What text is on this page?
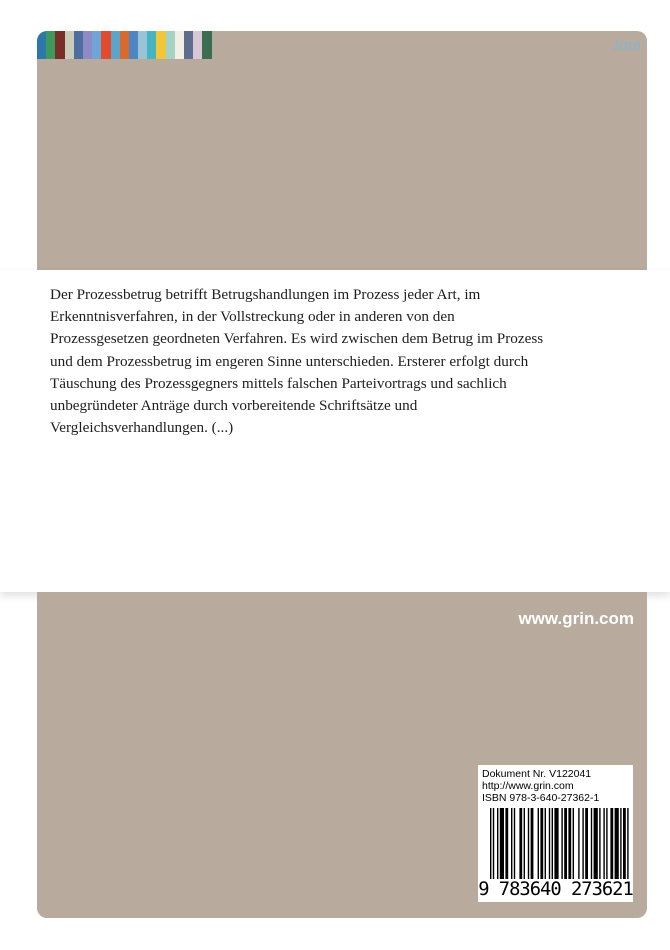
Jura

Der Prozessbetrug betrifft Betrugshandlungen im Prozess jeder Art, im Erkenntnisverfahren, in der Vollstreckung oder in anderen von den Prozessgesetzen geordneten Verfahren. Es wird zwischen dem Betrug im Prozess und dem Prozessbetrug im engeren Sinne unterschieden. Ersterer erfolgt durch Täuschung des Prozessgegners mittels falschen Parteivortrags und sachlich unbegründeter Anträge durch vorbereitende Schriftsätze und Vergleichsverhandlungen. (...)

www.grin.com
Dokument Nr. V122041
http://www.grin.com
ISBN 978-3-640-27362-1
9 783640 273621
